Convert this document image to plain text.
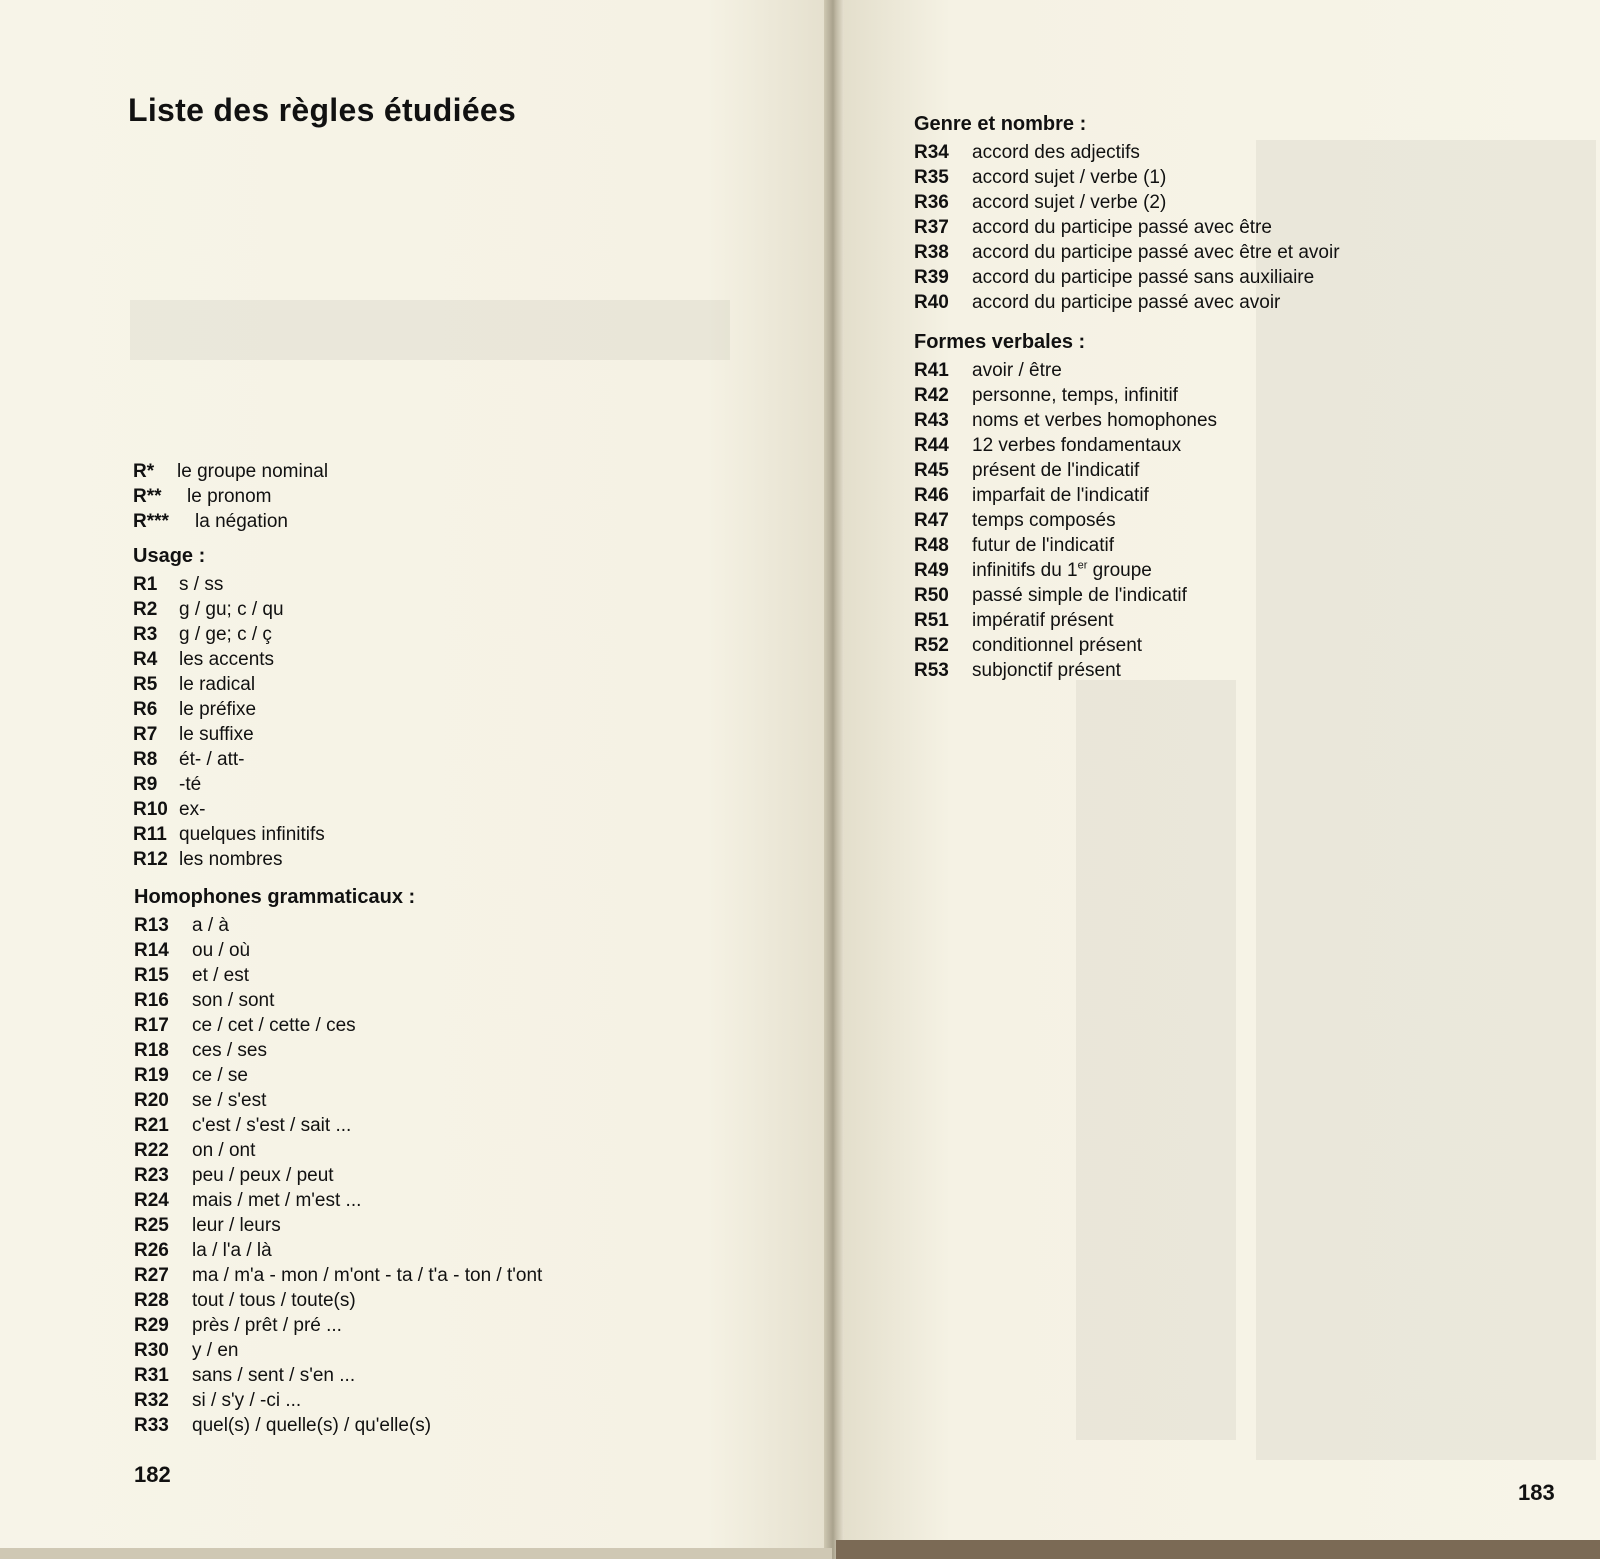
Liste des règles étudiées
R*	le groupe nominal
R**	le pronom
R***	la négation
Usage :
R1	s / ss
R2	g / gu; c / qu
R3	g / ge; c / ç
R4	les accents
R5	le radical
R6	le préfixe
R7	le suffixe
R8	ét- / att-
R9	-té
R10 ex-
R11 quelques infinitifs
R12 les nombres
Homophones grammaticaux :
R13	a / à
R14	ou / où
R15	et / est
R16	son / sont
R17	ce / cet / cette / ces
R18	ces / ses
R19	ce / se
R20	se / s'est
R21	c'est / s'est / sait ...
R22	on / ont
R23	peu / peux / peut
R24	mais / met / m'est ...
R25	leur / leurs
R26	la / l'a / là
R27	ma / m'a - mon / m'ont - ta / t'a - ton / t'ont
R28	tout / tous / toute(s)
R29	près / prêt / pré ...
R30	y / en
R31	sans / sent / s'en ...
R32	si / s'y / -ci ...
R33	quel(s) / quelle(s) / qu'elle(s)
182
Genre et nombre :
R34	accord des adjectifs
R35	accord sujet / verbe (1)
R36	accord sujet / verbe (2)
R37	accord du participe passé avec être
R38	accord du participe passé avec être et avoir
R39	accord du participe passé sans auxiliaire
R40	accord du participe passé avec avoir
Formes verbales :
R41	avoir / être
R42	personne, temps, infinitif
R43	noms et verbes homophones
R44	12 verbes fondamentaux
R45	présent de l'indicatif
R46	imparfait de l'indicatif
R47	temps composés
R48	futur de l'indicatif
R49	infinitifs du 1er groupe
R50	passé simple de l'indicatif
R51	impératif présent
R52	conditionnel présent
R53	subjonctif présent
183
